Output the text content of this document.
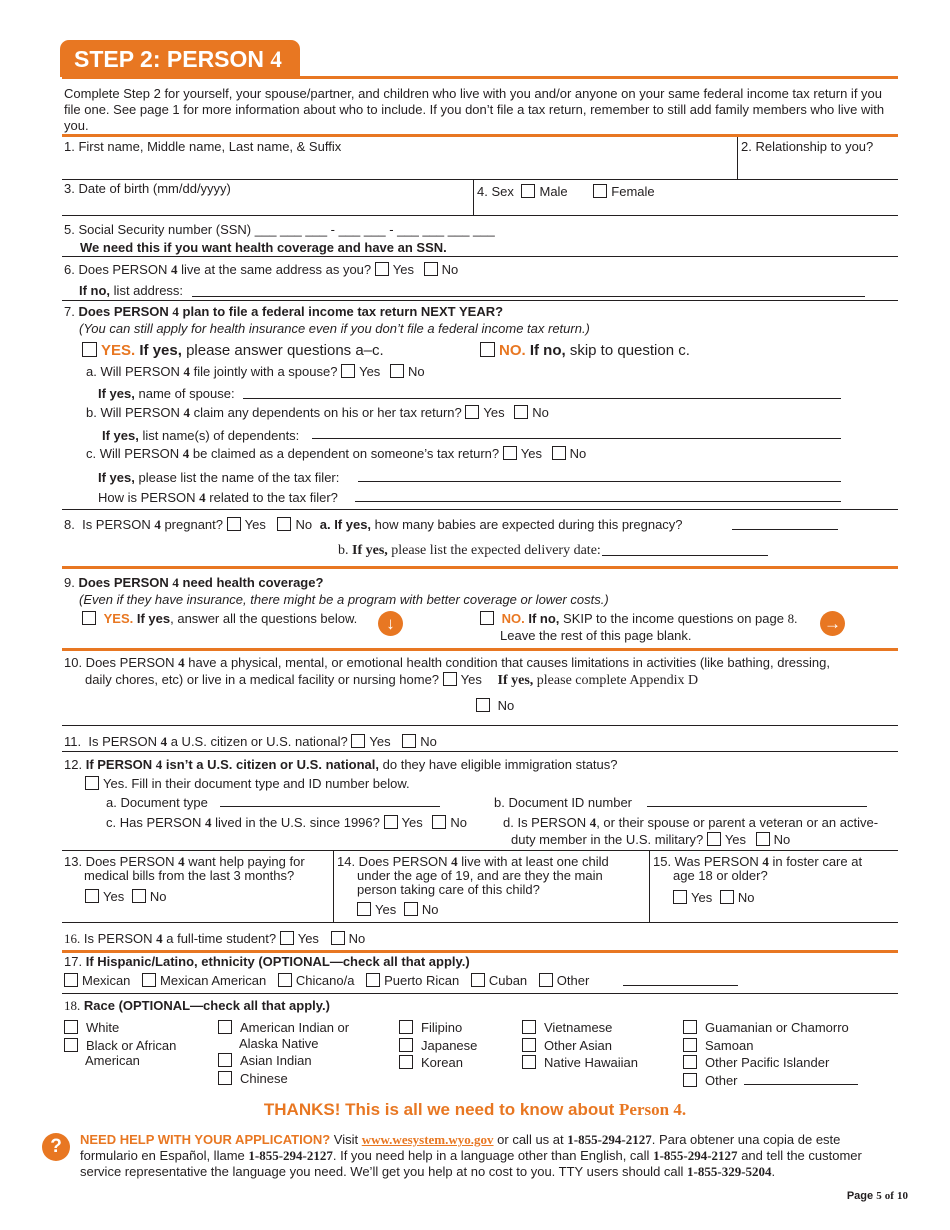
STEP 2: PERSON 4
Complete Step 2 for yourself, your spouse/partner, and children who live with you and/or anyone on your same federal income tax return if you file one. See page 1 for more information about who to include. If you don’t file a tax return, remember to still add family members who live with you.
1. First name, Middle name, Last name, & Suffix	2. Relationship to you?
3. Date of birth (mm/dd/yyyy)	4. Sex Male	Female
5. Social Security number (SSN) ___ ___ ___ - ___ ___ - ___ ___ ___ ___
We need this if you want health coverage and have an SSN.
6. Does PERSON 4 live at the same address as you? Yes No
If no, list address:
7. Does PERSON 4 plan to file a federal income tax return NEXT YEAR?
(You can still apply for health insurance even if you don’t file a federal income tax return.)
YES. If yes, please answer questions a–c.	NO. If no, skip to question c.
a. Will PERSON 4 file jointly with a spouse? Yes No
If yes, name of spouse:
b. Will PERSON 4 claim any dependents on his or her tax return? Yes No
If yes, list name(s) of dependents:
c. Will PERSON 4 be claimed as a dependent on someone’s tax return? Yes No
If yes, please list the name of the tax filer:
How is PERSON 4 related to the tax filer?
8. Is PERSON 4 pregnant? Yes No a. If yes, how many babies are expected during this pregnacy?
b. If yes, please list the expected delivery date:
9. Does PERSON 4 need health coverage?
(Even if they have insurance, there might be a program with better coverage or lower costs.)
YES. If yes, answer all the questions below.	↓	NO. If no, SKIP to the income questions on page 8.
Leave the rest of this page blank.
→
10. Does PERSON 4 have a physical, mental, or emotional health condition that causes limitations in activities (like bathing, dressing,
daily chores, etc) or live in a medical facility or nursing home? Yes If yes, please complete Appendix D
No
11. Is PERSON 4 a U.S. citizen or U.S. national? Yes No
12. If PERSON 4 isn’t a U.S. citizen or U.S. national, do they have eligible immigration status?
Yes. Fill in their document type and ID number below.
a. Document type	b. Document ID number
c. Has PERSON 4 lived in the U.S. since 1996? Yes No	d. Is PERSON 4, or their spouse or parent a veteran or an active-
duty member in the U.S. military? Yes No
13. Does PERSON 4 want help paying for
medical bills from the last 3 months?
Yes No
14. Does PERSON 4 live with at least one child
under the age of 19, and are they the main
person taking care of this child?
Yes No
15. Was PERSON 4 in foster care at
age 18 or older?
Yes No
16. Is PERSON 4 a full-time student? Yes No
17. If Hispanic/Latino, ethnicity (OPTIONAL—check all that apply.)
Mexican Mexican American Chicano/a Puerto Rican Cuban Other
18. Race (OPTIONAL—check all that apply.)
White
Black or African
American
American Indian or
Alaska Native
Asian Indian
Chinese
Filipino
Japanese
Korean
Vietnamese
Other Asian
Native Hawaiian
Guamanian or Chamorro
Samoan
Other Pacific Islander
Other
THANKS! This is all we need to know about Person 4.
?	NEED HELP WITH YOUR APPLICATION? Visit www.wesystem.wyo.gov or call us at 1-855-294-2127. Para obtener una copia de este formulario en Español, llame 1-855-294-2127. If you need help in a language other than English, call 1-855-294-2127 and tell the customer service representative the language you need. We’ll get you help at no cost to you. TTY users should call 1-855-329-5204.
Page 5 of 10
